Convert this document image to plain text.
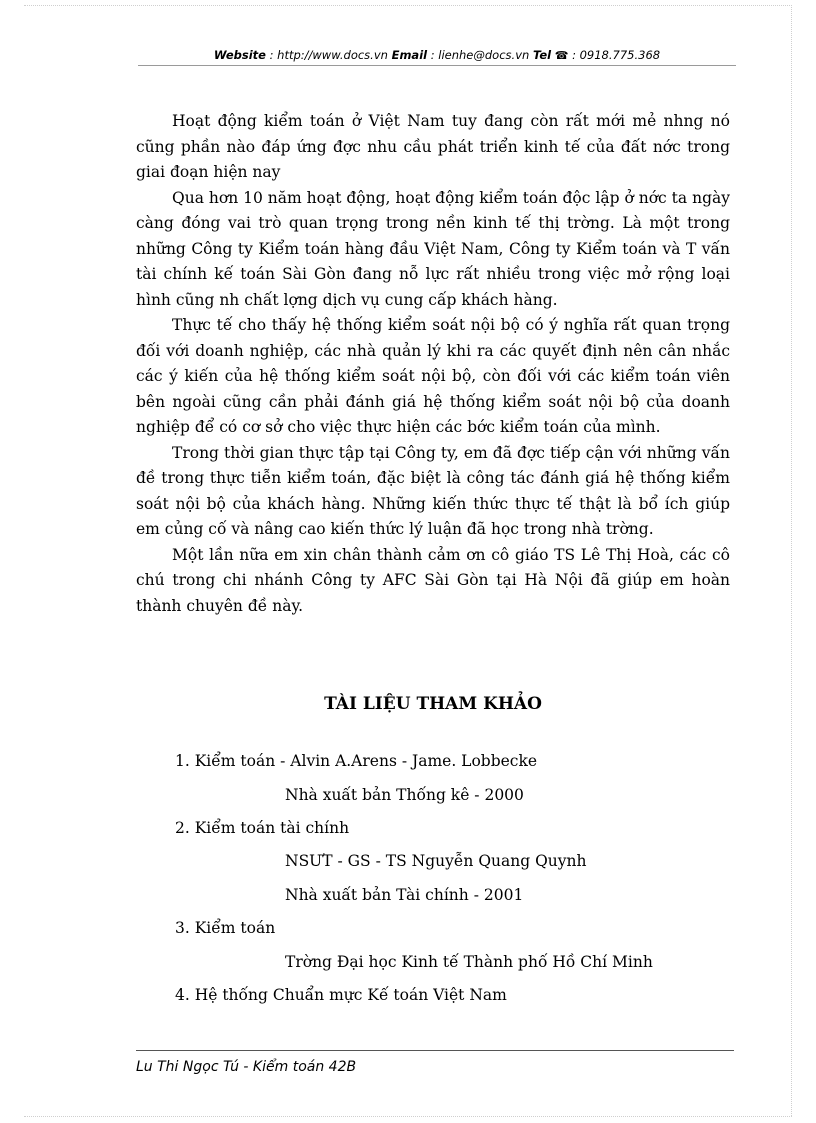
Website : http://www.docs.vn Email : lienhe@docs.vn Tel ☎ : 0918.775.368

Hoạt động kiểm toán ở Việt Nam tuy đang còn rất mới mẻ nhng nó cũng phần nào đáp ứng đợc nhu cầu phát triển kinh tế của đất nớc trong giai đoạn hiện nay

Qua hơn 10 năm hoạt động, hoạt động kiểm toán độc lập ở nớc ta ngày càng đóng vai trò quan trọng trong nền kinh tế thị trờng. Là một trong những Công ty Kiểm toán hàng đầu Việt Nam, Công ty Kiểm toán và T vấn tài chính kế toán Sài Gòn đang nỗ lực rất nhiều trong việc mở rộng loại hình cũng nh chất lợng dịch vụ cung cấp khách hàng.

Thực tế cho thấy hệ thống kiểm soát nội bộ có ý nghĩa rất quan trọng đối với doanh nghiệp, các nhà quản lý khi ra các quyết định nên cân nhắc các ý kiến của hệ thống kiểm soát nội bộ, còn đối với các kiểm toán viên bên ngoài cũng cần phải đánh giá hệ thống kiểm soát nội bộ của doanh nghiệp để có cơ sở cho việc thực hiện các bớc kiểm toán của mình.

Trong thời gian thực tập tại Công ty, em đã đợc tiếp cận với những vấn đề trong thực tiễn kiểm toán, đặc biệt là công tác đánh giá hệ thống kiểm soát nội bộ của khách hàng. Những kiến thức thực tế thật là bổ ích giúp em củng cố và nâng cao kiến thức lý luận đã học trong nhà trờng.

Một lần nữa em xin chân thành cảm ơn cô giáo TS Lê Thị Hoà, các cô chú trong chi nhánh Công ty AFC Sài Gòn tại Hà Nội đã giúp em hoàn thành chuyên đề này.

TÀI LIỆU THAM KHẢO
1. Kiểm toán - Alvin A.Arens - Jame. Lobbecke
Nhà xuất bản Thống kê - 2000
2. Kiểm toán tài chính
NSƯT - GS - TS Nguyễn Quang Quynh
Nhà xuất bản Tài chính - 2001
3. Kiểm toán
Trờng Đại học Kinh tế Thành phố Hồ Chí Minh
4. Hệ thống Chuẩn mực Kế toán Việt Nam
Lu Thi Ngọc Tú - Kiểm toán 42B
